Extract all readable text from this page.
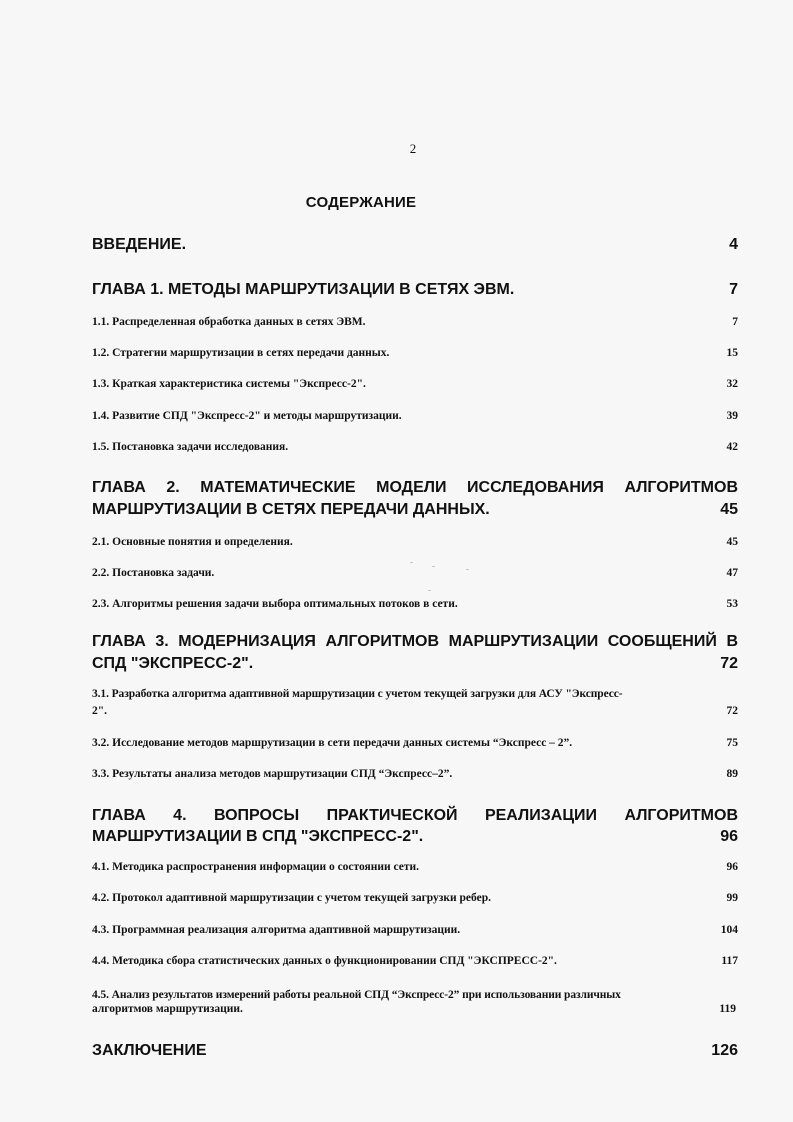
2
СОДЕРЖАНИЕ
ВВЕДЕНИЕ.	4
ГЛАВА 1. МЕТОДЫ МАРШРУТИЗАЦИИ В СЕТЯХ ЭВМ.	7
1.1. Распределенная обработка данных в сетях ЭВМ.	7
1.2. Стратегии маршрутизации в сетях передачи данных.	15
1.3. Краткая характеристика системы "Экспресс-2".	32
1.4. Развитие СПД "Экспресс-2" и методы маршрутизации.	39
1.5. Постановка задачи исследования.	42
ГЛАВА 2. МАТЕМАТИЧЕСКИЕ МОДЕЛИ ИССЛЕДОВАНИЯ АЛГОРИТМОВ
МАРШРУТИЗАЦИИ В СЕТЯХ ПЕРЕДАЧИ ДАННЫХ.	45
2.1. Основные понятия и определения.	45
2.2. Постановка задачи.	47
2.3. Алгоритмы решения задачи выбора оптимальных потоков в сети.	53
ГЛАВА 3. МОДЕРНИЗАЦИЯ АЛГОРИТМОВ МАРШРУТИЗАЦИИ СООБЩЕНИЙ В
СПД "ЭКСПРЕСС-2".	72
3.1. Разработка алгоритма адаптивной маршрутизации с учетом текущей загрузки для АСУ "Экспресс-
2".	72
3.2. Исследование методов маршрутизации в сети передачи данных системы “Экспресс – 2”.	75
3.3. Результаты анализа методов маршрутизации СПД “Экспресс–2”.	89
ГЛАВА 4. ВОПРОСЫ ПРАКТИЧЕСКОЙ РЕАЛИЗАЦИИ АЛГОРИТМОВ
МАРШРУТИЗАЦИИ В СПД "ЭКСПРЕСС-2".	96
4.1. Методика распространения информации о состоянии сети.	96
4.2. Протокол адаптивной маршрутизации с учетом текущей загрузки ребер.	99
4.3. Программная реализация алгоритма адаптивной маршрутизации.	104
4.4. Методика сбора статистических данных о функционировании СПД "ЭКСПРЕСС-2".	117
4.5. Анализ результатов измерений работы реальной СПД “Экспресс-2” при использовании различных
алгоритмов маршрутизации.	119
ЗАКЛЮЧЕНИЕ	126
